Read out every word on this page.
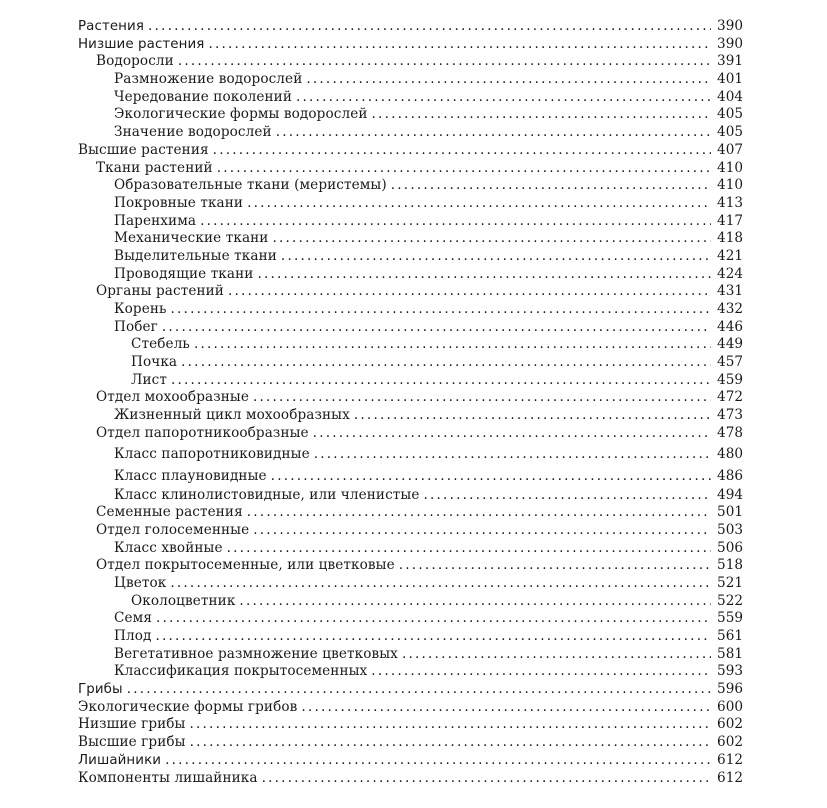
Растения .....	390
Низшие растения .....	390
Водоросли .....	391
Размножение водорослей .....	401
Чередование поколений .....	404
Экологические формы водорослей .....	405
Значение водорослей .....	405
Высшие растения .....	407
Ткани растений .....	410
Образовательные ткани (меристемы) .....	410
Покровные ткани .....	413
Паренхима .....	417
Механические ткани .....	418
Выделительные ткани .....	421
Проводящие ткани .....	424
Органы растений .....	431
Корень .....	432
Побег .....	446
Стебель .....	449
Почка .....	457
Лист .....	459
Отдел мохообразные .....	472
Жизненный цикл мохообразных .....	473
Отдел папоротникообразные .....	478
Класс папоротниковидные .....	480
Класс плауновидные .....	486
Класс клинолистовидные, или членистые .....	494
Семенные растения .....	501
Отдел голосеменные .....	503
Класс хвойные .....	506
Отдел покрытосеменные, или цветковые .....	518
Цветок .....	521
Околоцветник .....	522
Семя .....	559
Плод .....	561
Вегетативное размножение цветковых .....	581
Классификация покрытосеменных .....	593
Грибы .....	596
Экологические формы грибов .....	600
Низшие грибы .....	602
Высшие грибы .....	602
Лишайники .....	612
Компоненты лишайника .....	612
